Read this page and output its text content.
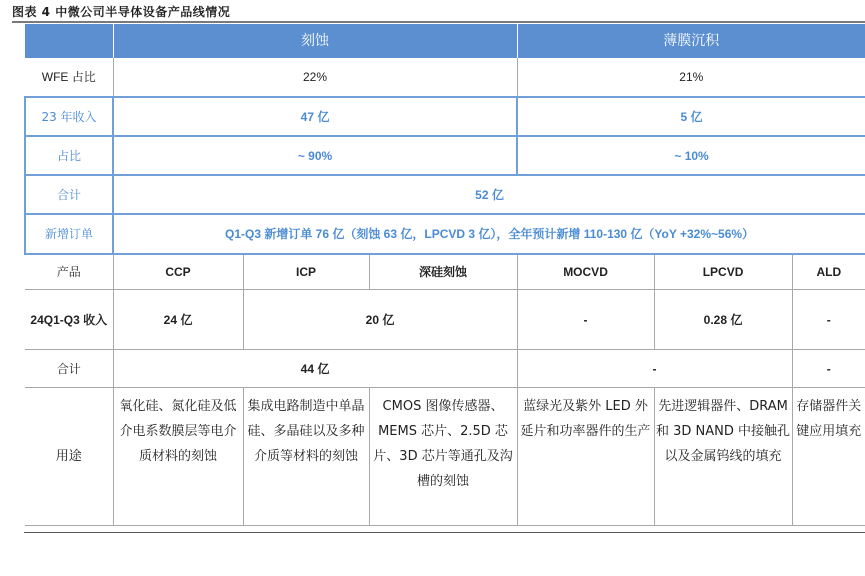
图表 4 中微公司半导体设备产品线情况
	刻蚀			薄膜沉积		
WFE 占比	22%			21%		
23 年收入	47 亿			5 亿		
占比	~ 90%			~ 10%		
合计	52 亿					
新增订单	Q1-Q3 新增订单 76 亿（刻蚀 63 亿，LPCVD 3 亿），全年预计新增 110-130 亿（YoY +32%~56%）					
产品	CCP	ICP	深硅刻蚀	MOCVD	LPCVD	ALD
24Q1-Q3 收入	24 亿	20 亿		-	0.28 亿	-
合计	44 亿			-		-
用途	氧化硅、氮化硅及低介电系数膜层等电介质材料的刻蚀	集成电路制造中单晶硅、多晶硅以及多种介质等材料的刻蚀	CMOS 图像传感器、MEMS 芯片、2.5D 芯片、3D 芯片等通孔及沟槽的刻蚀	蓝绿光及紫外 LED 外延片和功率器件的生产	先进逻辑器件、DRAM 和 3D NAND 中接触孔以及金属钨线的填充	存储器件关键应用填充
